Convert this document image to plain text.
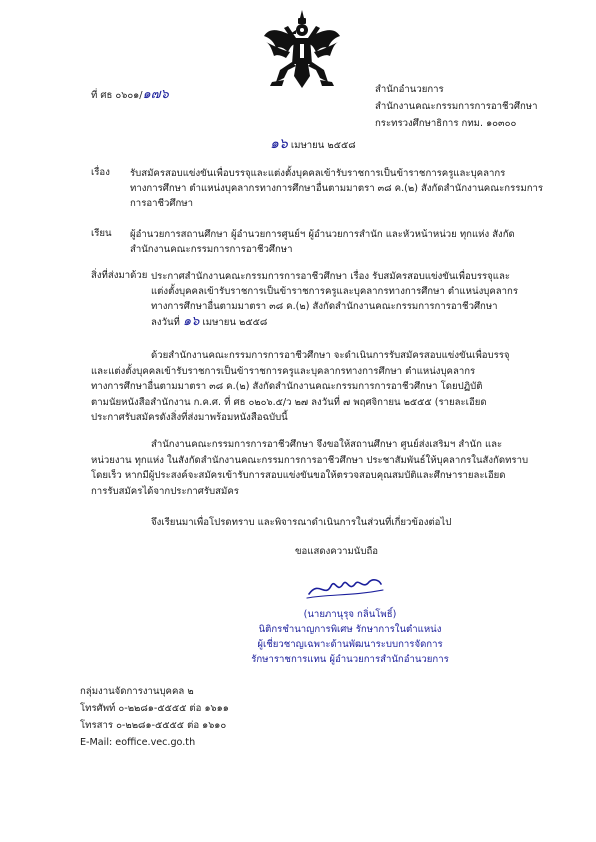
ที่ ศธ ๐๖๐๑/๑๗๖	สำนักอำนวยการ
สำนักงานคณะกรรมการการอาชีวศึกษา
กระทรวงศึกษาธิการ กทม. ๑๐๓๐๐
๑๖ เมษายน ๒๕๕๘
เรื่อง รับสมัครสอบแข่งขันเพื่อบรรจุและแต่งตั้งบุคคลเข้ารับราชการเป็นข้าราชการครูและบุคลากร
ทางการศึกษา ตำแหน่งบุคลากรทางการศึกษาอื่นตามมาตรา ๓๘ ค.(๒) สังกัดสำนักงานคณะกรรมการ
การอาชีวศึกษา
เรียน ผู้อำนวยการสถานศึกษา ผู้อำนวยการศูนย์ฯ ผู้อำนวยการสำนัก และหัวหน้าหน่วย ทุกแห่ง สังกัด
สำนักงานคณะกรรมการการอาชีวศึกษา
สิ่งที่ส่งมาด้วย ประกาศสำนักงานคณะกรรมการการอาชีวศึกษา เรื่อง รับสมัครสอบแข่งขันเพื่อบรรจุและ
แต่งตั้งบุคคลเข้ารับราชการเป็นข้าราชการครูและบุคลากรทางการศึกษา ตำแหน่งบุคลากร
ทางการศึกษาอื่นตามมาตรา ๓๘ ค.(๒) สังกัดสำนักงานคณะกรรมการการอาชีวศึกษา
ลงวันที่ ๑๖ เมษายน ๒๕๕๘
ด้วยสำนักงานคณะกรรมการการอาชีวศึกษา จะดำเนินการรับสมัครสอบแข่งขันเพื่อบรรจุ
และแต่งตั้งบุคคลเข้ารับราชการเป็นข้าราชการครูและบุคลากรทางการศึกษา ตำแหน่งบุคลากร
ทางการศึกษาอื่นตามมาตรา ๓๘ ค.(๒) สังกัดสำนักงานคณะกรรมการการอาชีวศึกษา โดยปฏิบัติ
ตามนัยหนังสือสำนักงาน ก.ค.ศ. ที่ ศธ ๐๒๐๖.๕/ว ๒๗ ลงวันที่ ๗ พฤศจิกายน ๒๕๕๕ (รายละเอียด
ประกาศรับสมัครดังสิ่งที่ส่งมาพร้อมหนังสือฉบับนี้
สำนักงานคณะกรรมการการอาชีวศึกษา จึงขอให้สถานศึกษา ศูนย์ส่งเสริมฯ สำนัก และ
หน่วยงาน ทุกแห่ง ในสังกัดสำนักงานคณะกรรมการการอาชีวศึกษา ประชาสัมพันธ์ให้บุคลากรในสังกัดทราบ
โดยเร็ว หากมีผู้ประสงค์จะสมัครเข้ารับการสอบแข่งขันขอให้ตรวจสอบคุณสมบัติและศึกษารายละเอียด
การรับสมัครได้จากประกาศรับสมัคร
จึงเรียนมาเพื่อโปรดทราบ และพิจารณาดำเนินการในส่วนที่เกี่ยวข้องต่อไป
ขอแสดงความนับถือ
(นายภานุรุจ กลิ่นโพธิ์)
นิติกรชำนาญการพิเศษ รักษาการในตำแหน่ง
ผู้เชี่ยวชาญเฉพาะด้านพัฒนาระบบการจัดการ
รักษาราชการแทน ผู้อำนวยการสำนักอำนวยการ
กลุ่มงานจัดการงานบุคคล ๒
โทรศัพท์ ๐-๒๒๘๑-๕๕๕๕ ต่อ ๑๖๑๑
โทรสาร ๐-๒๒๘๑-๕๕๕๕ ต่อ ๑๖๑๐
E-Mail: eoffice.vec.go.th
